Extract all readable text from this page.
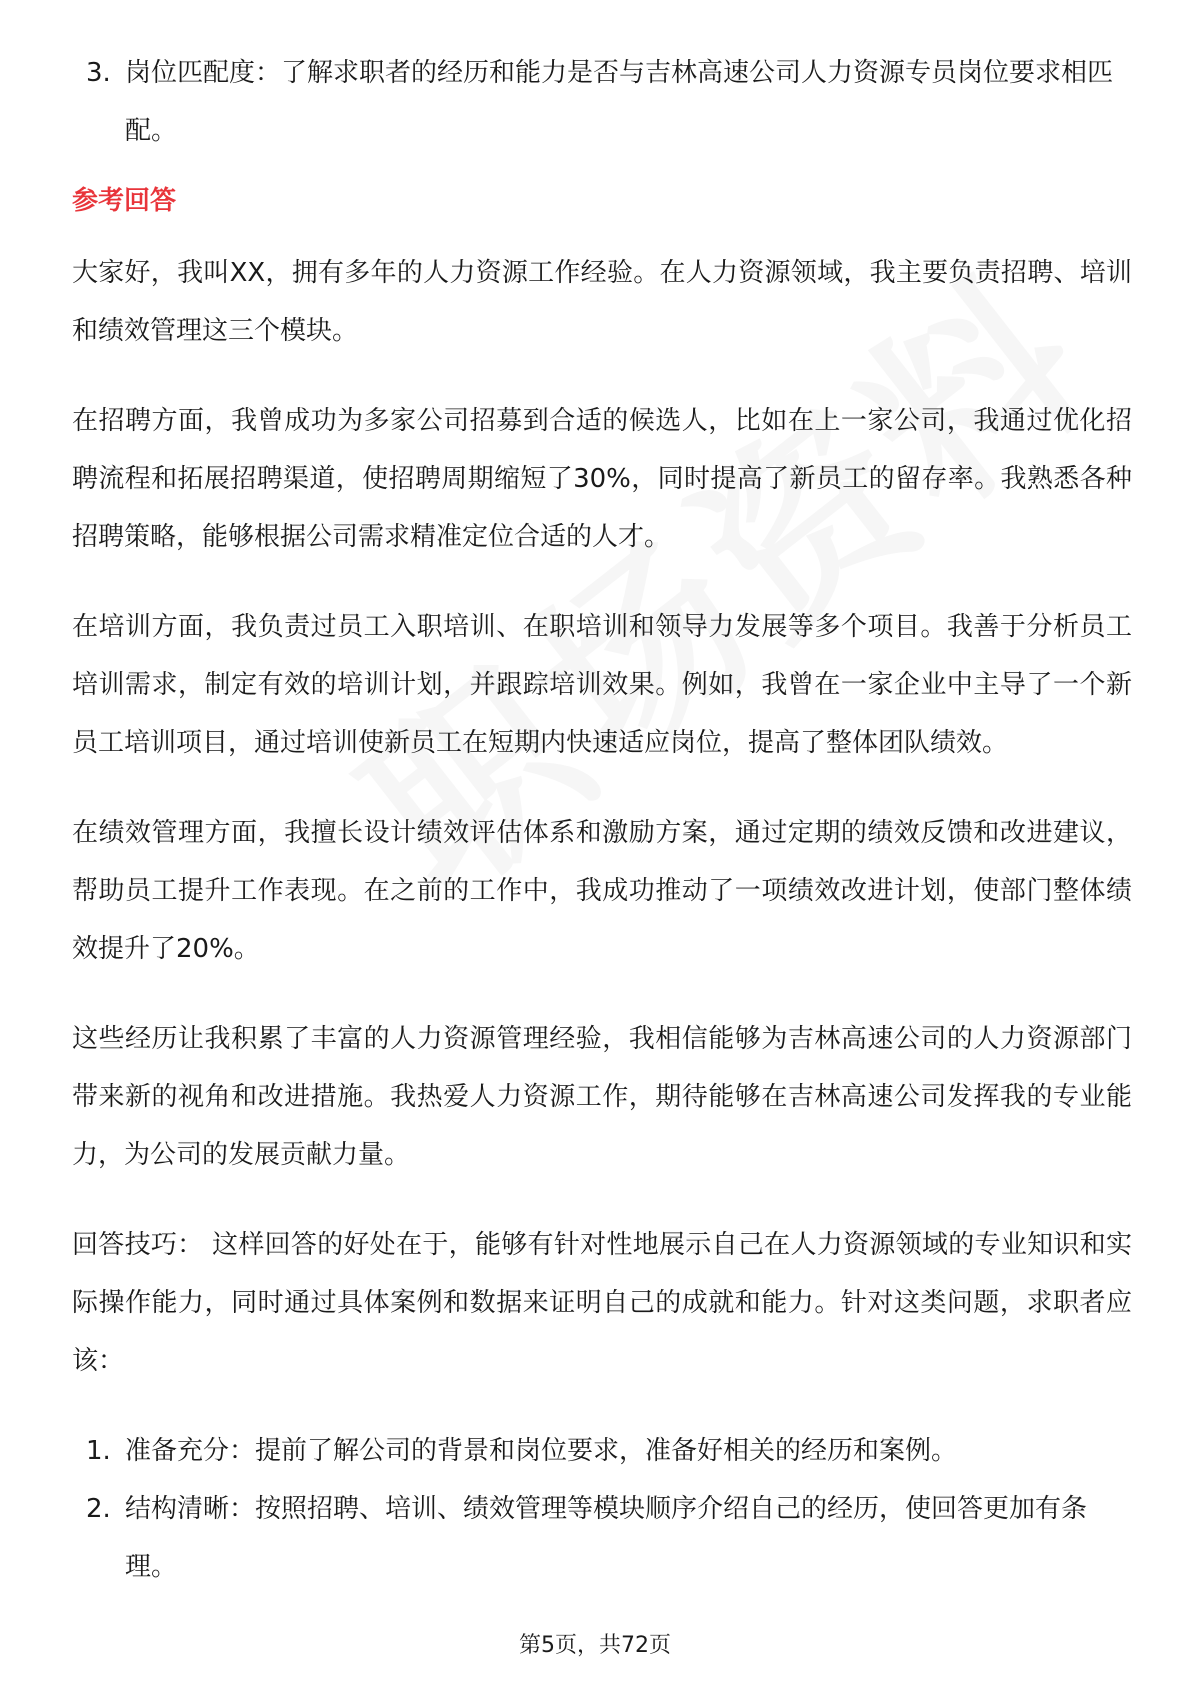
3. 岗位匹配度：了解求职者的经历和能力是否与吉林高速公司人力资源专员岗位要求相匹配。
参考回答

大家好，我叫XX，拥有多年的人力资源工作经验。在人力资源领域，我主要负责招聘、培训和绩效管理这三个模块。

在招聘方面，我曾成功为多家公司招募到合适的候选人，比如在上一家公司，我通过优化招聘流程和拓展招聘渠道，使招聘周期缩短了30%，同时提高了新员工的留存率。我熟悉各种招聘策略，能够根据公司需求精准定位合适的人才。

在培训方面，我负责过员工入职培训、在职培训和领导力发展等多个项目。我善于分析员工培训需求，制定有效的培训计划，并跟踪培训效果。例如，我曾在一家企业中主导了一个新员工培训项目，通过培训使新员工在短期内快速适应岗位，提高了整体团队绩效。

在绩效管理方面，我擅长设计绩效评估体系和激励方案，通过定期的绩效反馈和改进建议，帮助员工提升工作表现。在之前的工作中，我成功推动了一项绩效改进计划，使部门整体绩效提升了20%。

这些经历让我积累了丰富的人力资源管理经验，我相信能够为吉林高速公司的人力资源部门带来新的视角和改进措施。我热爱人力资源工作，期待能够在吉林高速公司发挥我的专业能力，为公司的发展贡献力量。

回答技巧： 这样回答的好处在于，能够有针对性地展示自己在人力资源领域的专业知识和实际操作能力，同时通过具体案例和数据来证明自己的成就和能力。针对这类问题，求职者应该：

1. 准备充分：提前了解公司的背景和岗位要求，准备好相关的经历和案例。
2. 结构清晰：按照招聘、培训、绩效管理等模块顺序介绍自己的经历，使回答更加有条理。
第5页，共72页
